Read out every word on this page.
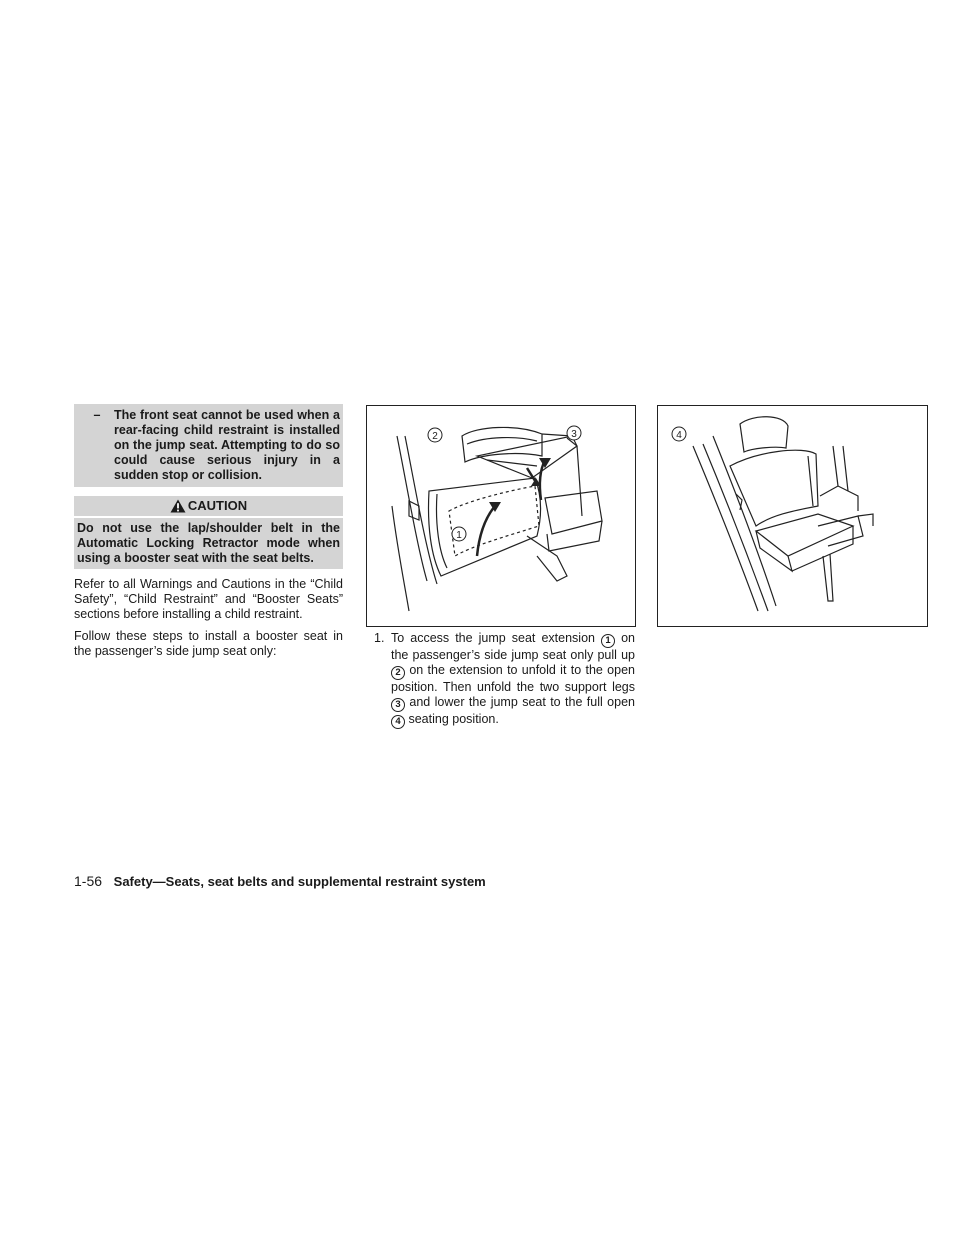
–	The front seat cannot be used when a rear-facing child restraint is installed on the jump seat. Attempting to do so could cause serious injury in a sudden stop or collision.
CAUTION
Do not use the lap/shoulder belt in the Automatic Locking Retractor mode when using a booster seat with the seat belts.

Refer to all Warnings and Cautions in the “Child Safety”, “Child Restraint” and “Booster Seats” sections before installing a child restraint.

Follow these steps to install a booster seat in the passenger’s side jump seat only:

2	3
1
4
1. To access the jump seat extension 1 on the passenger’s side jump seat only pull up 2 on the extension to unfold it to the open position. Then unfold the two support legs 3 and lower the jump seat to the full open 4 seating position.
1-56 Safety—Seats, seat belts and supplemental restraint system
